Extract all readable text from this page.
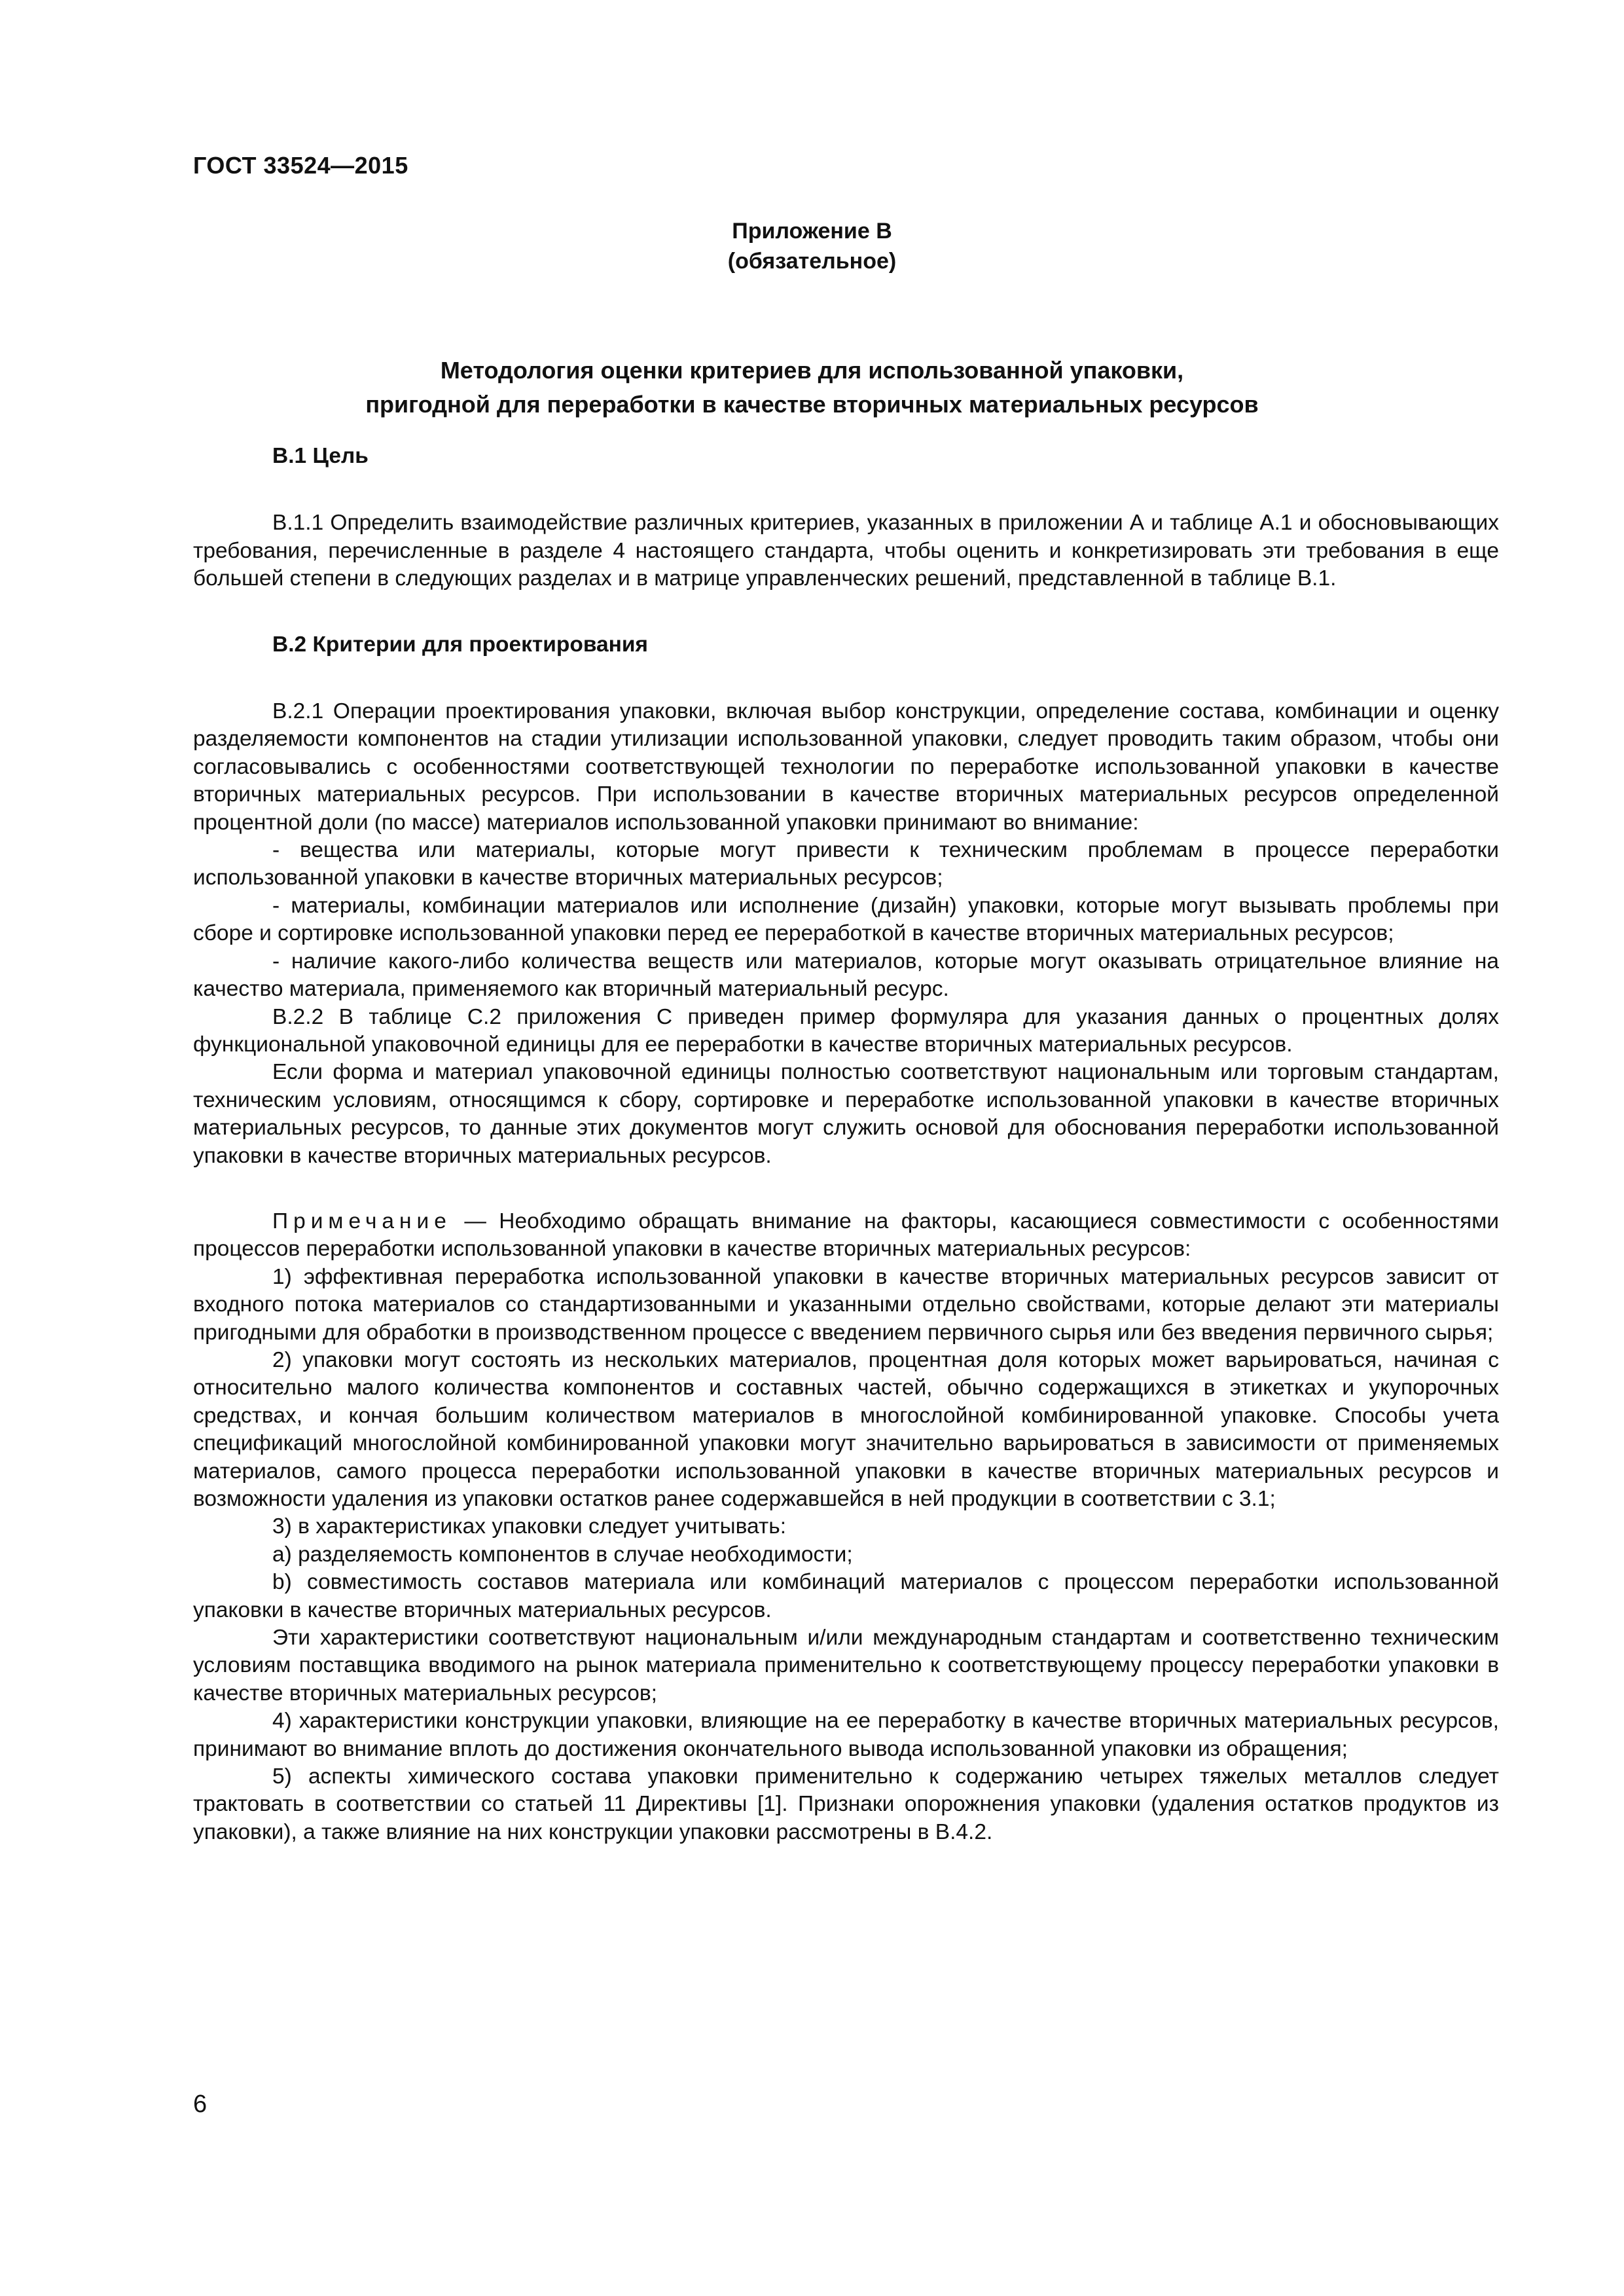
ГОСТ 33524—2015
Приложение В
(обязательное)
Методология оценки критериев для использованной упаковки,
пригодной для переработки в качестве вторичных материальных ресурсов

В.1 Цель

В.1.1 Определить взаимодействие различных критериев, указанных в приложении А и таблице А.1 и обосновывающих требования, перечисленные в разделе 4 настоящего стандарта, чтобы оценить и конкретизировать эти требования в еще большей степени в следующих разделах и в матрице управленческих решений, представленной в таблице В.1.

В.2 Критерии для проектирования

В.2.1 Операции проектирования упаковки, включая выбор конструкции, определение состава, комбинации и оценку разделяемости компонентов на стадии утилизации использованной упаковки, следует проводить таким образом, чтобы они согласовывались с особенностями соответствующей технологии по переработке использованной упаковки в качестве вторичных материальных ресурсов. При использовании в качестве вторичных материальных ресурсов определенной процентной доли (по массе) материалов использованной упаковки принимают во внимание:

- вещества или материалы, которые могут привести к техническим проблемам в процессе переработки использованной упаковки в качестве вторичных материальных ресурсов;

- материалы, комбинации материалов или исполнение (дизайн) упаковки, которые могут вызывать проблемы при сборе и сортировке использованной упаковки перед ее переработкой в качестве вторичных материальных ресурсов;

- наличие какого-либо количества веществ или материалов, которые могут оказывать отрицательное влияние на качество материала, применяемого как вторичный материальный ресурс.

В.2.2 В таблице С.2 приложения С приведен пример формуляра для указания данных о процентных долях функциональной упаковочной единицы для ее переработки в качестве вторичных материальных ресурсов.

Если форма и материал упаковочной единицы полностью соответствуют национальным или торговым стандартам, техническим условиям, относящимся к сбору, сортировке и переработке использованной упаковки в качестве вторичных материальных ресурсов, то данные этих документов могут служить основой для обоснования переработки использованной упаковки в качестве вторичных материальных ресурсов.

Примечание — Необходимо обращать внимание на факторы, касающиеся совместимости с особенностями процессов переработки использованной упаковки в качестве вторичных материальных ресурсов:

1) эффективная переработка использованной упаковки в качестве вторичных материальных ресурсов зависит от входного потока материалов со стандартизованными и указанными отдельно свойствами, которые делают эти материалы пригодными для обработки в производственном процессе с введением первичного сырья или без введения первичного сырья;

2) упаковки могут состоять из нескольких материалов, процентная доля которых может варьироваться, начиная с относительно малого количества компонентов и составных частей, обычно содержащихся в этикетках и укупорочных средствах, и кончая большим количеством материалов в многослойной комбинированной упаковке. Способы учета спецификаций многослойной комбинированной упаковки могут значительно варьироваться в зависимости от применяемых материалов, самого процесса переработки использованной упаковки в качестве вторичных материальных ресурсов и возможности удаления из упаковки остатков ранее содержавшейся в ней продукции в соответствии с 3.1;

3) в характеристиках упаковки следует учитывать:

a) разделяемость компонентов в случае необходимости;

b) совместимость составов материала или комбинаций материалов с процессом переработки использованной упаковки в качестве вторичных материальных ресурсов.

Эти характеристики соответствуют национальным и/или международным стандартам и соответственно техническим условиям поставщика вводимого на рынок материала применительно к соответствующему процессу переработки упаковки в качестве вторичных материальных ресурсов;

4) характеристики конструкции упаковки, влияющие на ее переработку в качестве вторичных материальных ресурсов, принимают во внимание вплоть до достижения окончательного вывода использованной упаковки из обращения;

5) аспекты химического состава упаковки применительно к содержанию четырех тяжелых металлов следует трактовать в соответствии со статьей 11 Директивы [1]. Признаки опорожнения упаковки (удаления остатков продуктов из упаковки), а также влияние на них конструкции упаковки рассмотрены в В.4.2.

6
